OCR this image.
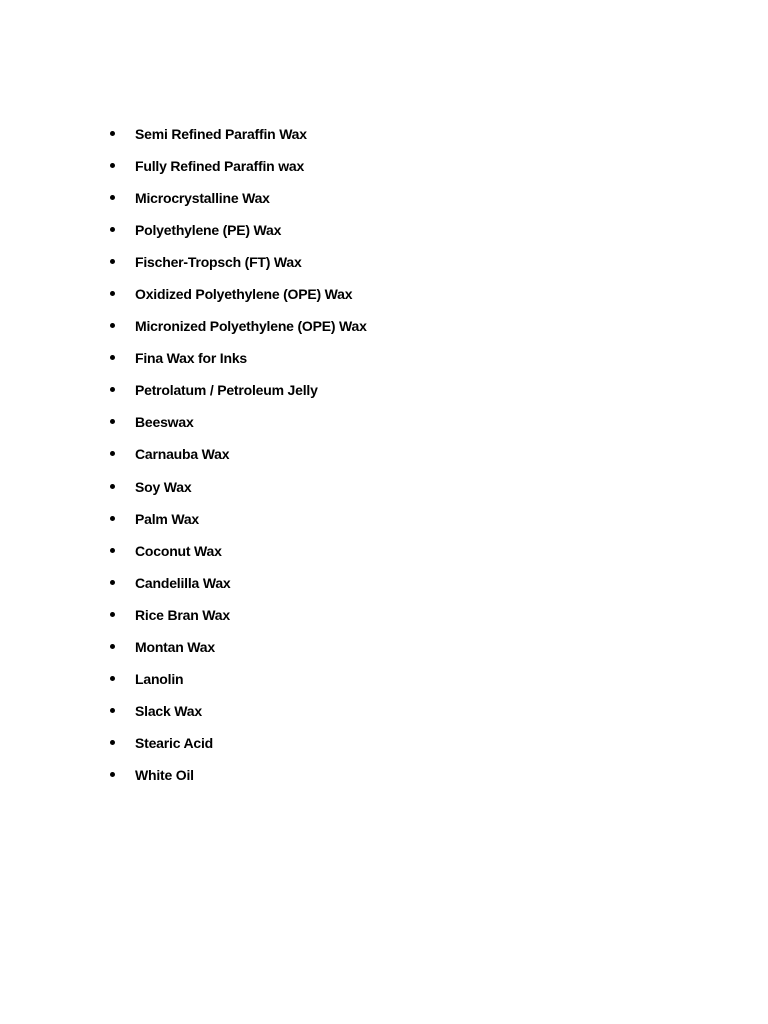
Semi Refined Paraffin Wax
Fully Refined Paraffin wax
Microcrystalline Wax
Polyethylene (PE) Wax
Fischer-Tropsch (FT) Wax
Oxidized Polyethylene (OPE) Wax
Micronized Polyethylene (OPE) Wax
Fina Wax for Inks
Petrolatum / Petroleum Jelly
Beeswax
Carnauba Wax
Soy Wax
Palm Wax
Coconut Wax
Candelilla Wax
Rice Bran Wax
Montan Wax
Lanolin
Slack Wax
Stearic Acid
White Oil
